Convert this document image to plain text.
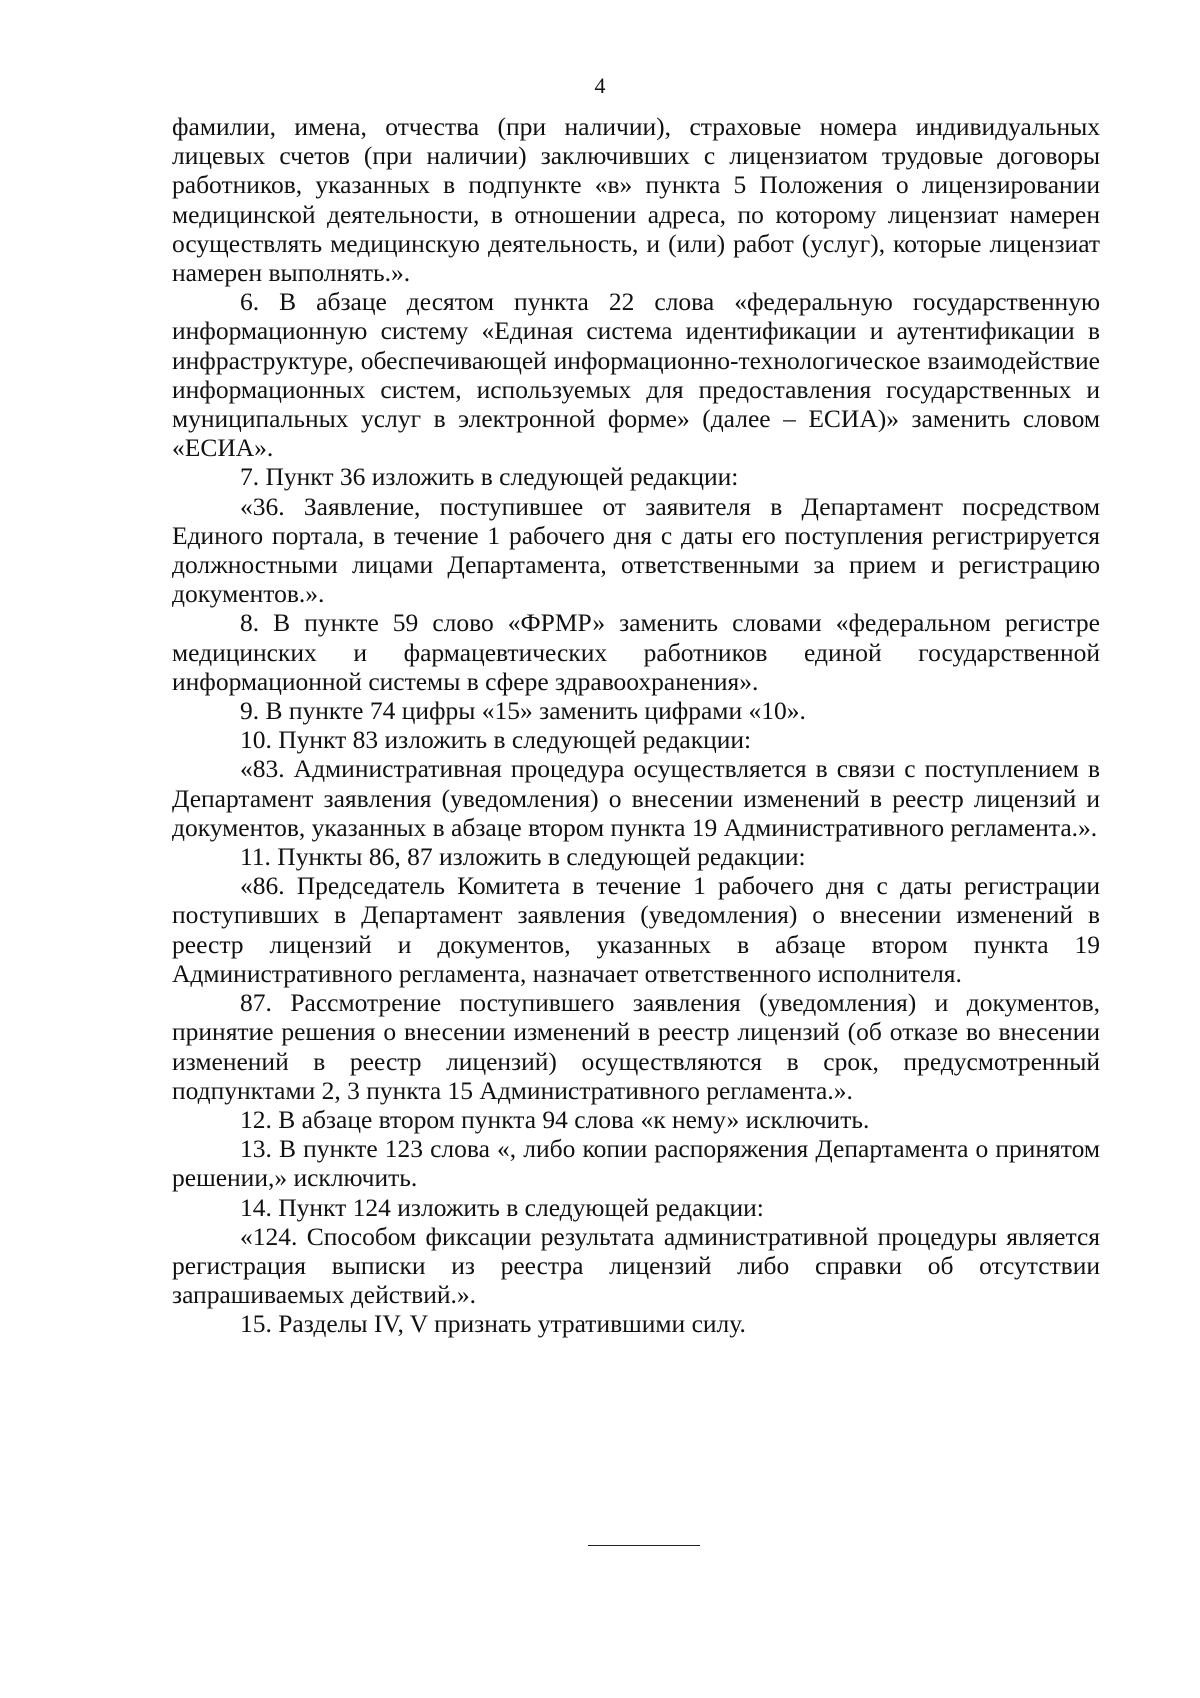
4

фамилии, имена, отчества (при наличии), страховые номера индивидуальных лицевых счетов (при наличии) заключивших с лицензиатом трудовые договоры работников, указанных в подпункте «в» пункта 5 Положения о лицензировании медицинской деятельности, в отношении адреса, по которому лицензиат намерен осуществлять медицинскую деятельность, и (или) работ (услуг), которые лицензиат намерен выполнять.».

6. В абзаце десятом пункта 22 слова «федеральную государственную информационную систему «Единая система идентификации и аутентификации в инфраструктуре, обеспечивающей информационно-технологическое взаимодействие информационных систем, используемых для предоставления государственных и муниципальных услуг в электронной форме» (далее – ЕСИА)» заменить словом «ЕСИА».

7. Пункт 36 изложить в следующей редакции:

«36. Заявление, поступившее от заявителя в Департамент посредством Единого портала, в течение 1 рабочего дня с даты его поступления регистрируется должностными лицами Департамента, ответственными за прием и регистрацию документов.».

8. В пункте 59 слово «ФРМР» заменить словами «федеральном регистре медицинских и фармацевтических работников единой государственной информационной системы в сфере здравоохранения».

9. В пункте 74 цифры «15» заменить цифрами «10».

10. Пункт 83 изложить в следующей редакции:

«83. Административная процедура осуществляется в связи с поступлением в Департамент заявления (уведомления) о внесении изменений в реестр лицензий и документов, указанных в абзаце втором пункта 19 Административного регламента.».

11. Пункты 86, 87 изложить в следующей редакции:

«86. Председатель Комитета в течение 1 рабочего дня с даты регистрации поступивших в Департамент заявления (уведомления) о внесении изменений в реестр лицензий и документов, указанных в абзаце втором пункта 19 Административного регламента, назначает ответственного исполнителя.

87. Рассмотрение поступившего заявления (уведомления) и документов, принятие решения о внесении изменений в реестр лицензий (об отказе во внесении изменений в реестр лицензий) осуществляются в срок, предусмотренный подпунктами 2, 3 пункта 15 Административного регламента.».

12. В абзаце втором пункта 94 слова «к нему» исключить.

13. В пункте 123 слова «, либо копии распоряжения Департамента о принятом решении,» исключить.

14. Пункт 124 изложить в следующей редакции:

«124. Способом фиксации результата административной процедуры является регистрация выписки из реестра лицензий либо справки об отсутствии запрашиваемых действий.».

15. Разделы IV, V признать утратившими силу.
